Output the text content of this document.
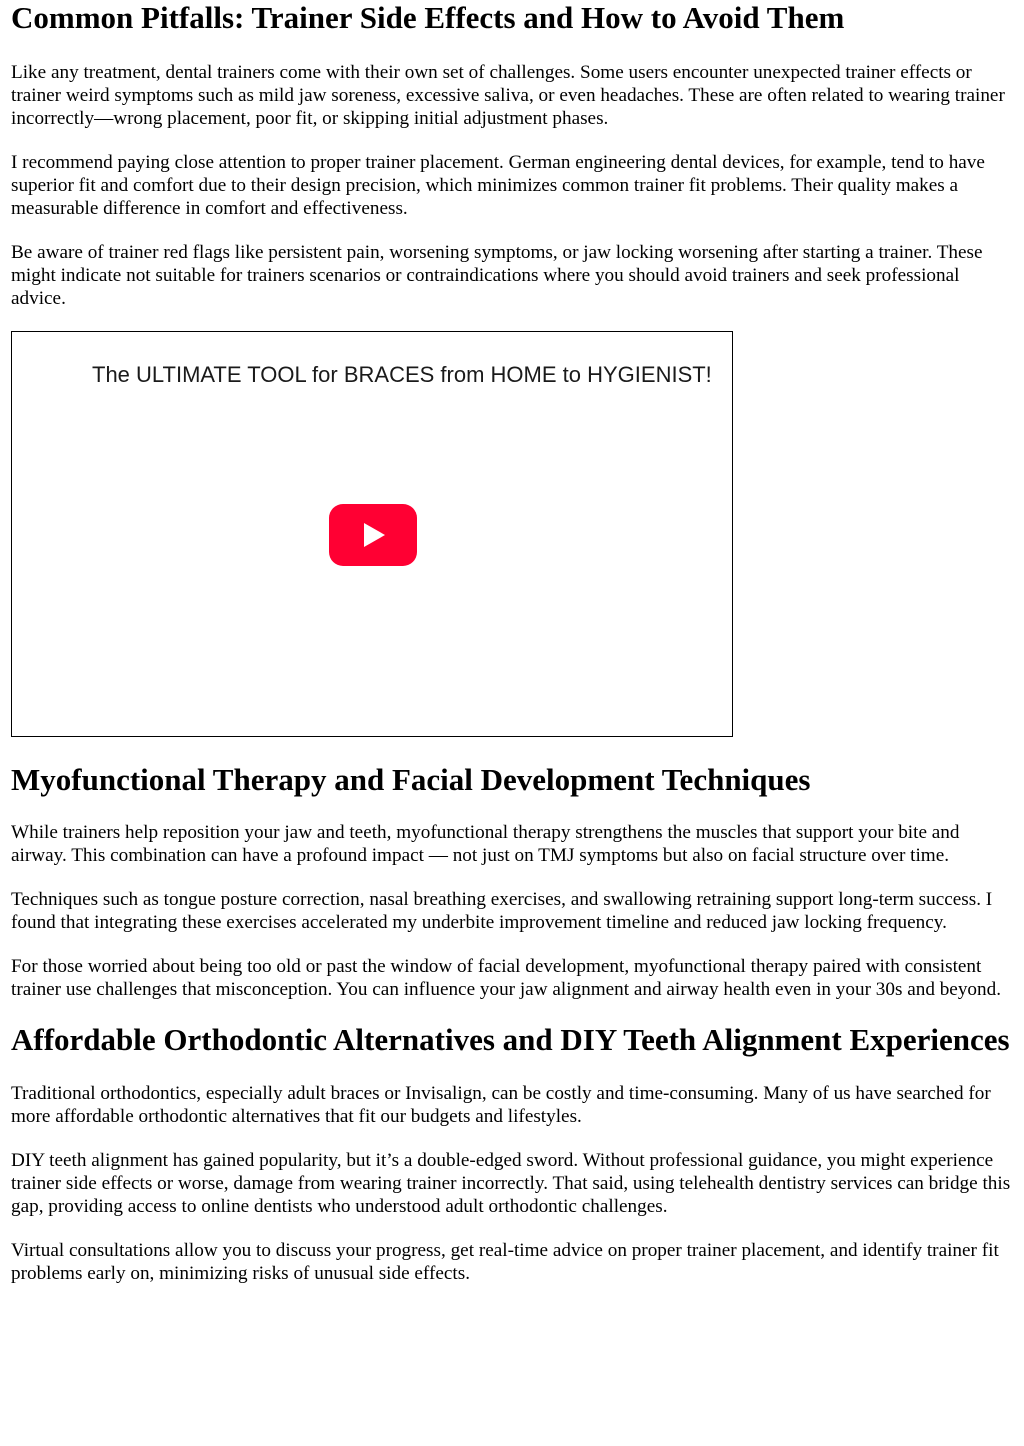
Common Pitfalls: Trainer Side Effects and How to Avoid Them

Like any treatment, dental trainers come with their own set of challenges. Some users encounter unexpected trainer effects or trainer weird symptoms such as mild jaw soreness, excessive saliva, or even headaches. These are often related to wearing trainer incorrectly—wrong placement, poor fit, or skipping initial adjustment phases.

I recommend paying close attention to proper trainer placement. German engineering dental devices, for example, tend to have superior fit and comfort due to their design precision, which minimizes common trainer fit problems. Their quality makes a measurable difference in comfort and effectiveness.

Be aware of trainer red flags like persistent pain, worsening symptoms, or jaw locking worsening after starting a trainer. These might indicate not suitable for trainers scenarios or contraindications where you should avoid trainers and seek professional advice.

The ULTIMATE TOOL for BRACES from HOME to HYGIENIST!
Myofunctional Therapy and Facial Development Techniques

While trainers help reposition your jaw and teeth, myofunctional therapy strengthens the muscles that support your bite and airway. This combination can have a profound impact — not just on TMJ symptoms but also on facial structure over time.

Techniques such as tongue posture correction, nasal breathing exercises, and swallowing retraining support long-term success. I found that integrating these exercises accelerated my underbite improvement timeline and reduced jaw locking frequency.

For those worried about being too old or past the window of facial development, myofunctional therapy paired with consistent trainer use challenges that misconception. You can influence your jaw alignment and airway health even in your 30s and beyond.

Affordable Orthodontic Alternatives and DIY Teeth Alignment Experiences

Traditional orthodontics, especially adult braces or Invisalign, can be costly and time-consuming. Many of us have searched for more affordable orthodontic alternatives that fit our budgets and lifestyles.

DIY teeth alignment has gained popularity, but it’s a double-edged sword. Without professional guidance, you might experience trainer side effects or worse, damage from wearing trainer incorrectly. That said, using telehealth dentistry services can bridge this gap, providing access to online dentists who understood adult orthodontic challenges.

Virtual consultations allow you to discuss your progress, get real-time advice on proper trainer placement, and identify trainer fit problems early on, minimizing risks of unusual side effects.
